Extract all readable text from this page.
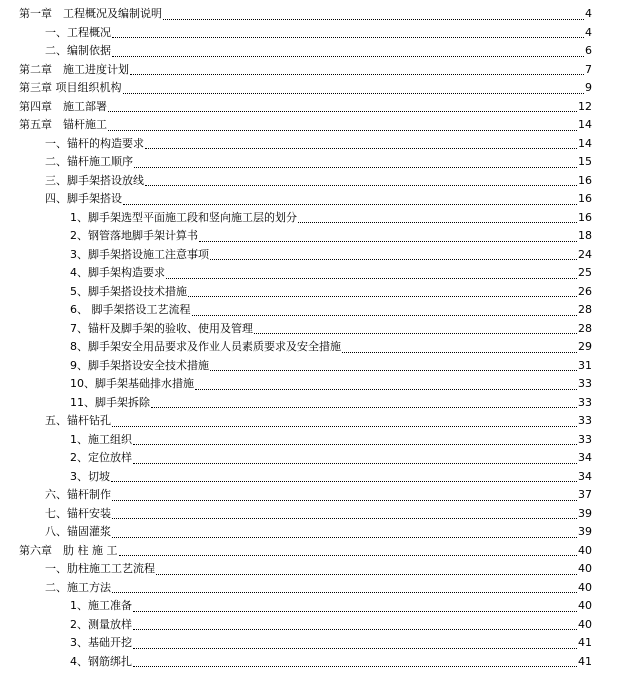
第一章　工程概况及编制说明	4
一、工程概况	4
二、编制依据	6
第二章　施工进度计划	7
第三章 项目组织机构	9
第四章　施工部署	12
第五章　锚杆施工	14
一、锚杆的构造要求	14
二、锚杆施工顺序	15
三、脚手架搭设放线	16
四、脚手架搭设	16
1、脚手架选型平面施工段和竖向施工层的划分	16
2、钢管落地脚手架计算书	18
3、脚手架搭设施工注意事项	24
4、脚手架构造要求	25
5、脚手架搭设技术措施	26
6、 脚手架搭设工艺流程	28
7、锚杆及脚手架的验收、使用及管理	28
8、脚手架安全用品要求及作业人员素质要求及安全措施	29
9、脚手架搭设安全技术措施	31
10、脚手架基础排水措施	33
11、脚手架拆除	33
五、锚杆钻孔	33
1、施工组织	33
2、定位放样	34
3、切坡	34
六、锚杆制作	37
七、锚杆安装	39
八、锚固灌浆	39
第六章　肋 柱 施 工	40
一、肋柱施工工艺流程	40
二、施工方法	40
1、施工准备	40
2、测量放样	40
3、基础开挖	41
4、钢筋绑扎	41
